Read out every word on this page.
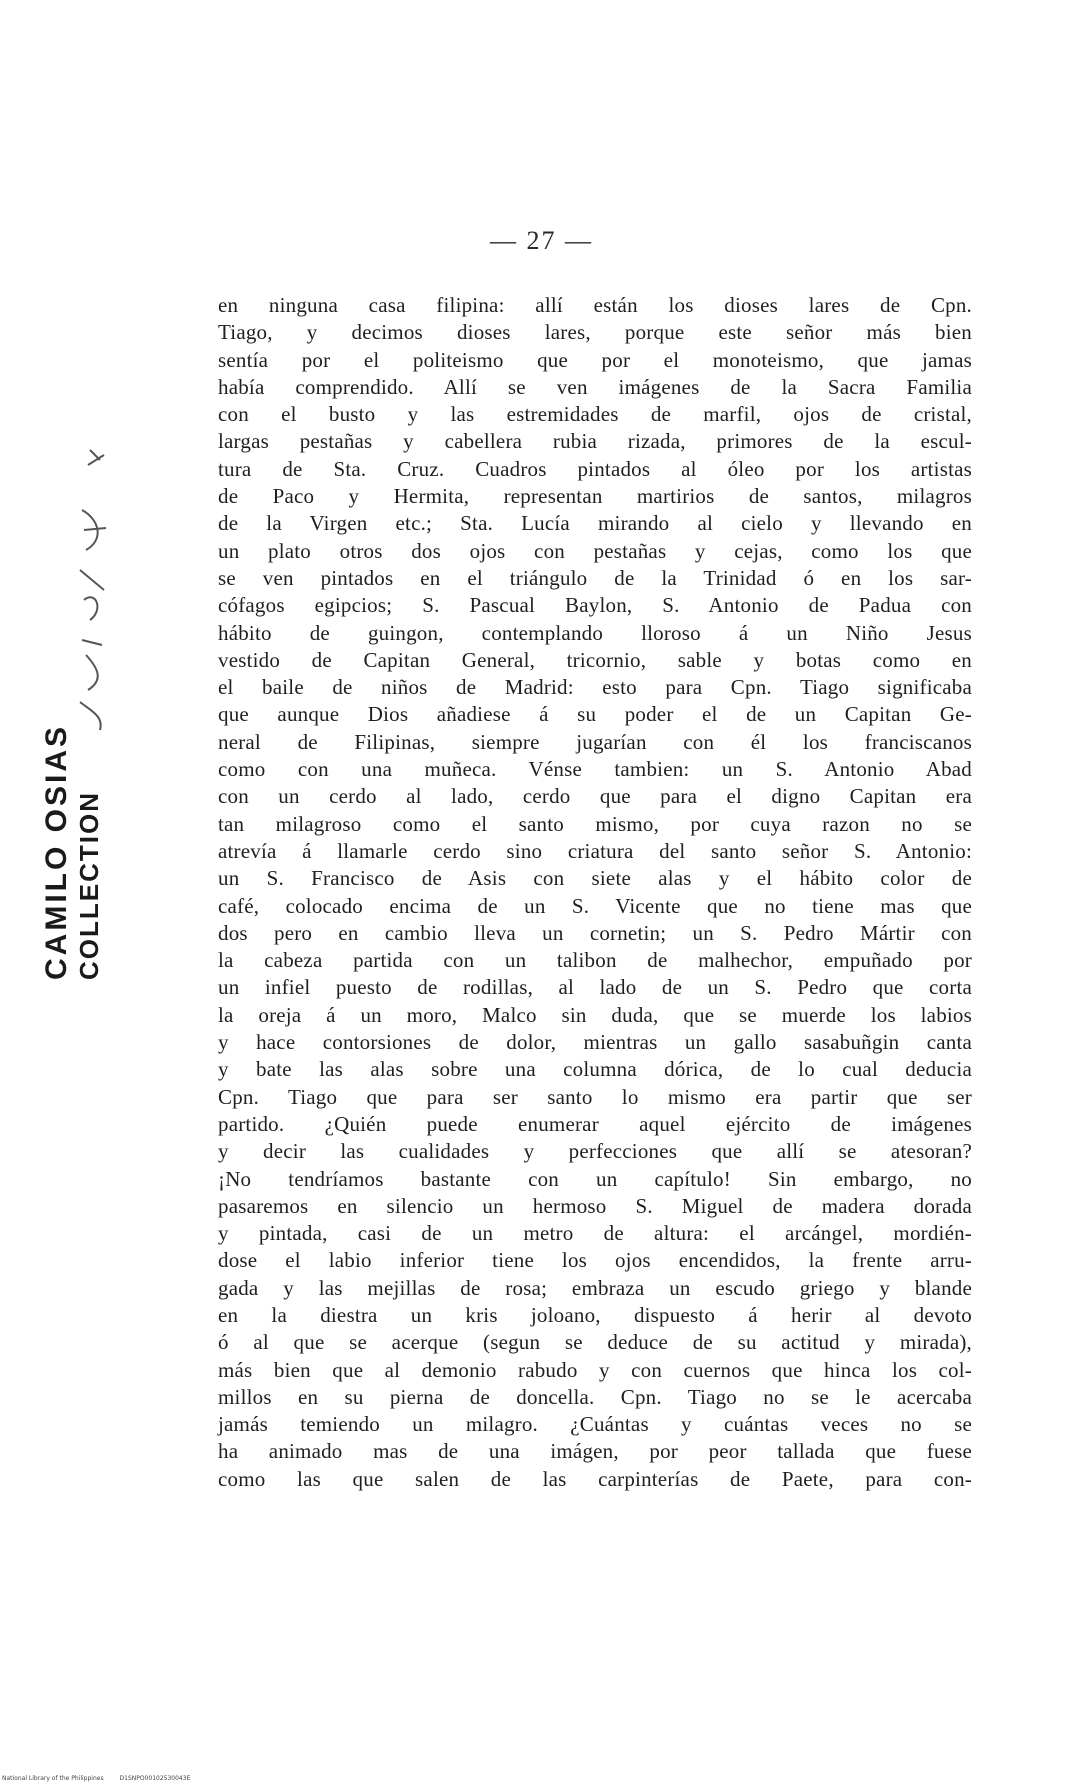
CAMILO OSIAS COLLECTION
— 27 —
en ninguna casa filipina: allí están los dioses lares de Cpn.
Tiago, y decimos dioses lares, porque este señor más bien
sentía por el politeismo que por el monoteismo, que jamas
había comprendido. Allí se ven imágenes de la Sacra Familia
con el busto y las estremidades de marfil, ojos de cristal,
largas pestañas y cabellera rubia rizada, primores de la escul-
tura de Sta. Cruz. Cuadros pintados al óleo por los artistas
de Paco y Hermita, representan martirios de santos, milagros
de la Virgen etc.; Sta. Lucía mirando al cielo y llevando en
un plato otros dos ojos con pestañas y cejas, como los que
se ven pintados en el triángulo de la Trinidad ó en los sar-
cófagos egipcios; S. Pascual Baylon, S. Antonio de Padua con
hábito de guingon, contemplando lloroso á un Niño Jesus
vestido de Capitan General, tricornio, sable y botas como en
el baile de niños de Madrid: esto para Cpn. Tiago significaba
que aunque Dios añadiese á su poder el de un Capitan Ge-
neral de Filipinas, siempre jugarían con él los franciscanos
como con una muñeca. Vénse tambien: un S. Antonio Abad
con un cerdo al lado, cerdo que para el digno Capitan era
tan milagroso como el santo mismo, por cuya razon no se
atrevía á llamarle cerdo sino criatura del santo señor S. Antonio:
un S. Francisco de Asis con siete alas y el hábito color de
café, colocado encima de un S. Vicente que no tiene mas que
dos pero en cambio lleva un cornetin; un S. Pedro Mártir con
la cabeza partida con un talibon de malhechor, empuñado por
un infiel puesto de rodillas, al lado de un S. Pedro que corta
la oreja á un moro, Malco sin duda, que se muerde los labios
y hace contorsiones de dolor, mientras un gallo sasabuñgin canta
y bate las alas sobre una columna dórica, de lo cual deducia
Cpn. Tiago que para ser santo lo mismo era partir que ser
partido. ¿Quién puede enumerar aquel ejército de imágenes
y decir las cualidades y perfecciones que allí se atesoran?
¡No tendríamos bastante con un capítulo! Sin embargo, no
pasaremos en silencio un hermoso S. Miguel de madera dorada
y pintada, casi de un metro de altura: el arcángel, mordién-
dose el labio inferior tiene los ojos encendidos, la frente arru-
gada y las mejillas de rosa; embraza un escudo griego y blande
en la diestra un kris joloano, dispuesto á herir al devoto
ó al que se acerque (segun se deduce de su actitud y mirada),
más bien que al demonio rabudo y con cuernos que hinca los col-
millos en su pierna de doncella. Cpn. Tiago no se le acercaba
jamás temiendo un milagro. ¿Cuántas y cuántas veces no se
ha animado mas de una imágen, por peor tallada que fuese
como las que salen de las carpinterías de Paete, para con-
National Library of the Philippines	D1SNPO00102530043E
